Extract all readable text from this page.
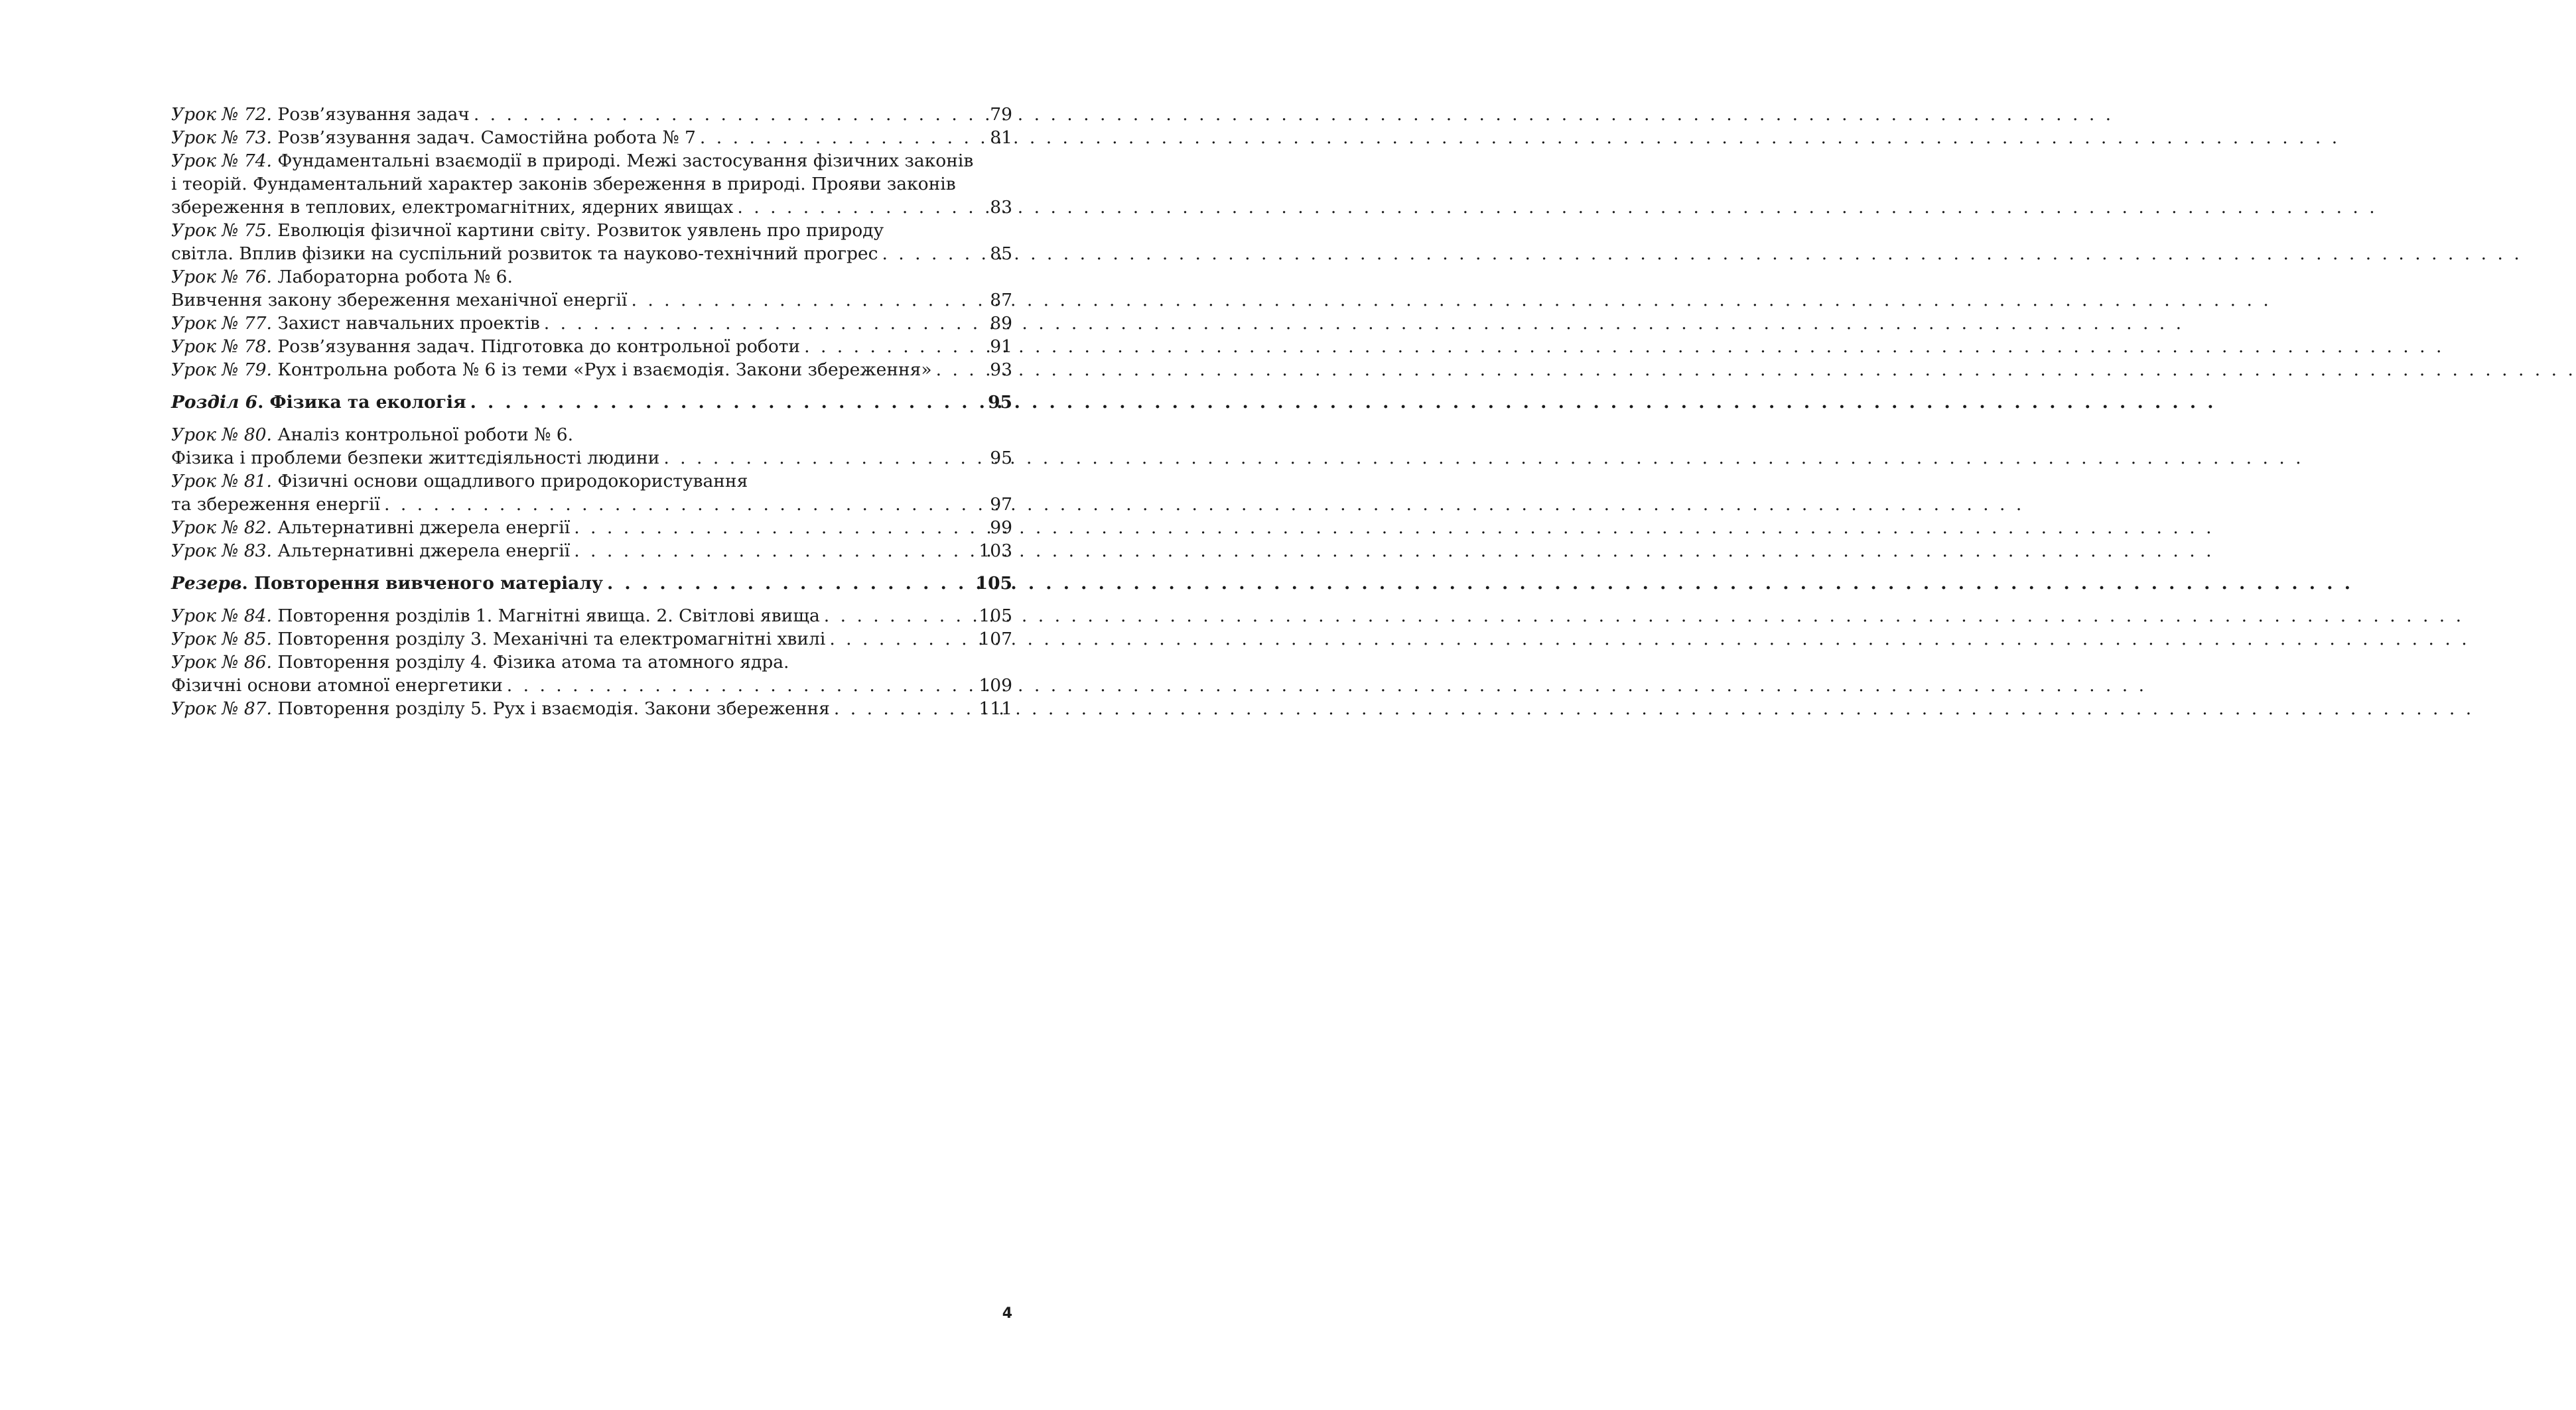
Урок № 72. Розв’язування задач . . .	79
Урок № 73. Розв’язування задач. Самостійна робота № 7 . . .	81
Урок № 74. Фундаментальні взаємодії в природі. Межі застосування фізичних законів
і теорій. Фундаментальний характер законів збереження в природі. Прояви законів
збереження в теплових, електромагнітних, ядерних явищах . . .	83
Урок № 75. Еволюція фізичної картини світу. Розвиток уявлень про природу
світла. Вплив фізики на суспільний розвиток та науково-технічний прогрес . . .	85
Урок № 76. Лабораторна робота № 6.
Вивчення закону збереження механічної енергії . . .	87
Урок № 77. Захист навчальних проектів . . .	89
Урок № 78. Розв’язування задач. Підготовка до контрольної роботи . . .	91
Урок № 79. Контрольна робота № 6 із теми «Рух і взаємодія. Закони збереження» . . .	93
Розділ 6. Фізика та екологія . . .	95
Урок № 80. Аналіз контрольної роботи № 6.
Фізика і проблеми безпеки життєдіяльності людини . . .	95
Урок № 81. Фізичні основи ощадливого природокористування
та збереження енергії . . .	97
Урок № 82. Альтернативні джерела енергії . . .	99
Урок № 83. Альтернативні джерела енергії . . .	103
Резерв. Повторення вивченого матеріалу . . .	105
Урок № 84. Повторення розділів 1. Магнітні явища. 2. Світлові явища . . .	105
Урок № 85. Повторення розділу 3. Механічні та електромагнітні хвилі . . .	107
Урок № 86. Повторення розділу 4. Фізика атома та атомного ядра.
Фізичні основи атомної енергетики . . .	109
Урок № 87. Повторення розділу 5. Рух і взаємодія. Закони збереження . . .	111
4
